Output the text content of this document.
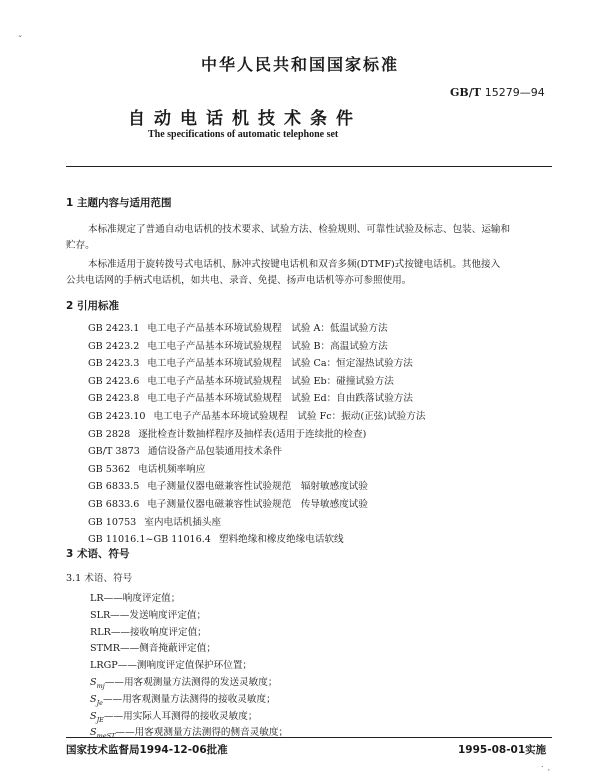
ˇ
中华人民共和国国家标准
GB/T 15279—94
自动电话机技术条件
The specifications of automatic telephone set
1 主题内容与适用范围
本标准规定了普通自动电话机的技术要求、试验方法、检验规则、可靠性试验及标志、包装、运输和
贮存。
本标准适用于旋转拨号式电话机、脉冲式按键电话机和双音多频(DTMF)式按键电话机。其他接入
公共电话网的手柄式电话机，如共电、录音、免提、扬声电话机等亦可参照使用。
2 引用标准
GB 2423.1 电工电子产品基本环境试验规程　试验 A：低温试验方法
GB 2423.2 电工电子产品基本环境试验规程　试验 B：高温试验方法
GB 2423.3 电工电子产品基本环境试验规程　试验 Ca：恒定湿热试验方法
GB 2423.6 电工电子产品基本环境试验规程　试验 Eb：碰撞试验方法
GB 2423.8 电工电子产品基本环境试验规程　试验 Ed：自由跌落试验方法
GB 2423.10 电工电子产品基本环境试验规程　试验 Fc：振动(正弦)试验方法
GB 2828 逐批检查计数抽样程序及抽样表(适用于连续批的检查)
GB/T 3873 通信设备产品包装通用技术条件
GB 5362 电话机频率响应
GB 6833.5 电子测量仪器电磁兼容性试验规范　辐射敏感度试验
GB 6833.6 电子测量仪器电磁兼容性试验规范　传导敏感度试验
GB 10753 室内电话机插头座
GB 11016.1~GB 11016.4 塑料绝缘和橡皮绝缘电话软线
3 术语、符号
3.1 术语、符号
LR——响度评定值；
SLR——发送响度评定值；
RLR——接收响度评定值；
STMR——侧音掩蔽评定值；
LRGP——测响度评定值保护环位置；
$S_{mj}——$用客观测量方法测得的发送灵敏度；
$S_{Je}——$用客观测量方法测得的接收灵敏度；
$S_{JE}——$用实际人耳测得的接收灵敏度；
$S_{meST}——$用客观测量方法测得的侧音灵敏度；
国家技术监督局1994-12-06批准	1995-08-01实施
˙ ·
